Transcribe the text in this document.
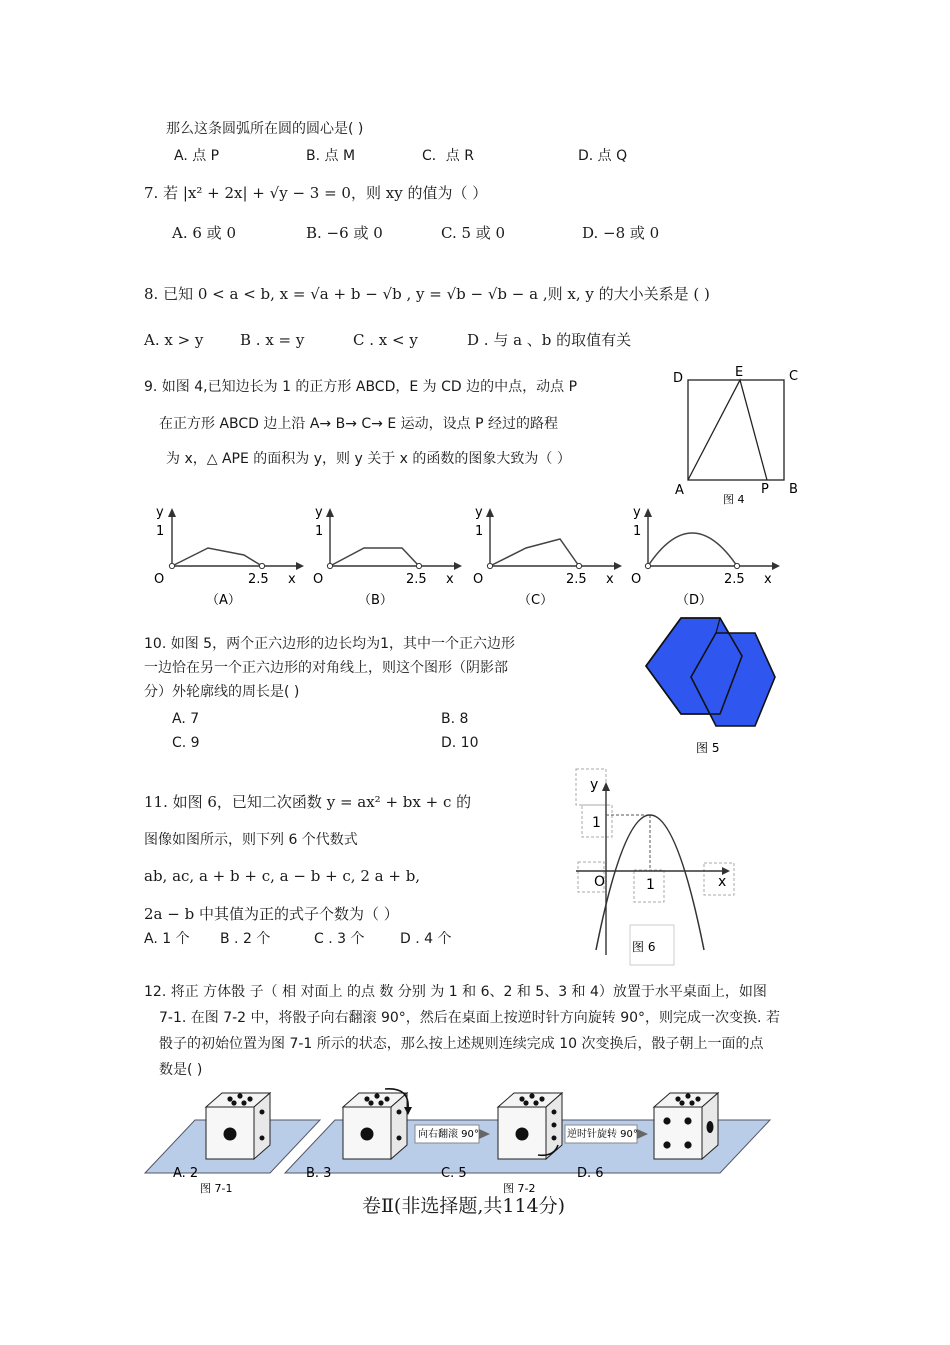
那么这条圆弧所在圆的圆心是( )
A. 点 P	B. 点 M	C．点 R	D. 点 Q
7. 若 |x² + 2x| + √y − 3 = 0，则 xy 的值为（ ）
A. 6 或 0	B. −6 或 0	C. 5 或 0	D. −8 或 0
8. 已知 0 < a < b, x = √a + b − √b , y = √b − √b − a ,则 x, y 的大小关系是 ( )
A. x > y B . x = y	C . x < y	D . 与 a 、b 的取值有关
9. 如图 4,已知边长为 1 的正方形 ABCD，E 为 CD 边的中点，动点 P
在正方形 ABCD 边上沿 A→ B→ C→ E 运动，设点 P 经过的路程
为 x，△ APE 的面积为 y，则 y 关于 x 的函数的图象大致为（ ）
D	E	C
A	P B
图 4
y
1
O	2.5 x
（A）
y
1
O	2.5 x
（B）
y
1
O	2.5 x
（C）
y
1
O	2.5 x
（D）
10. 如图 5，两个正六边形的边长均为1，其中一个正六边形
一边恰在另一个正六边形的对角线上，则这个图形（阴影部
分）外轮廓线的周长是( )
A. 7	B. 8
C. 9	D. 10	图 5
11. 如图 6，已知二次函数 y = ax² + bx + c 的
图像如图所示，则下列 6 个代数式
ab, ac, a + b + c, a − b + c, 2 a + b,
2a − b 中其值为正的式子个数为（ ）
A. 1 个 B . 2 个	C . 3 个	D . 4 个
y
1
O	1	x
图 6
12. 将正 方体骰 子（ 相 对面上 的点 数 分别 为 1 和 6、2 和 5、3 和 4）放置于水平桌面上，如图
7-1. 在图 7-2 中，将骰子向右翻滚 90°，然后在桌面上按逆时针方向旋转 90°，则完成一次变换. 若
骰子的初始位置为图 7-1 所示的状态，那么按上述规则连续完成 10 次变换后，骰子朝上一面的点
数是( )
向右翻滚 90°	逆时针旋转 90°
A. 2	B. 3	C. 5	D. 6
图 7-1	图 7-2
卷Ⅱ(非选择题,共114分)
